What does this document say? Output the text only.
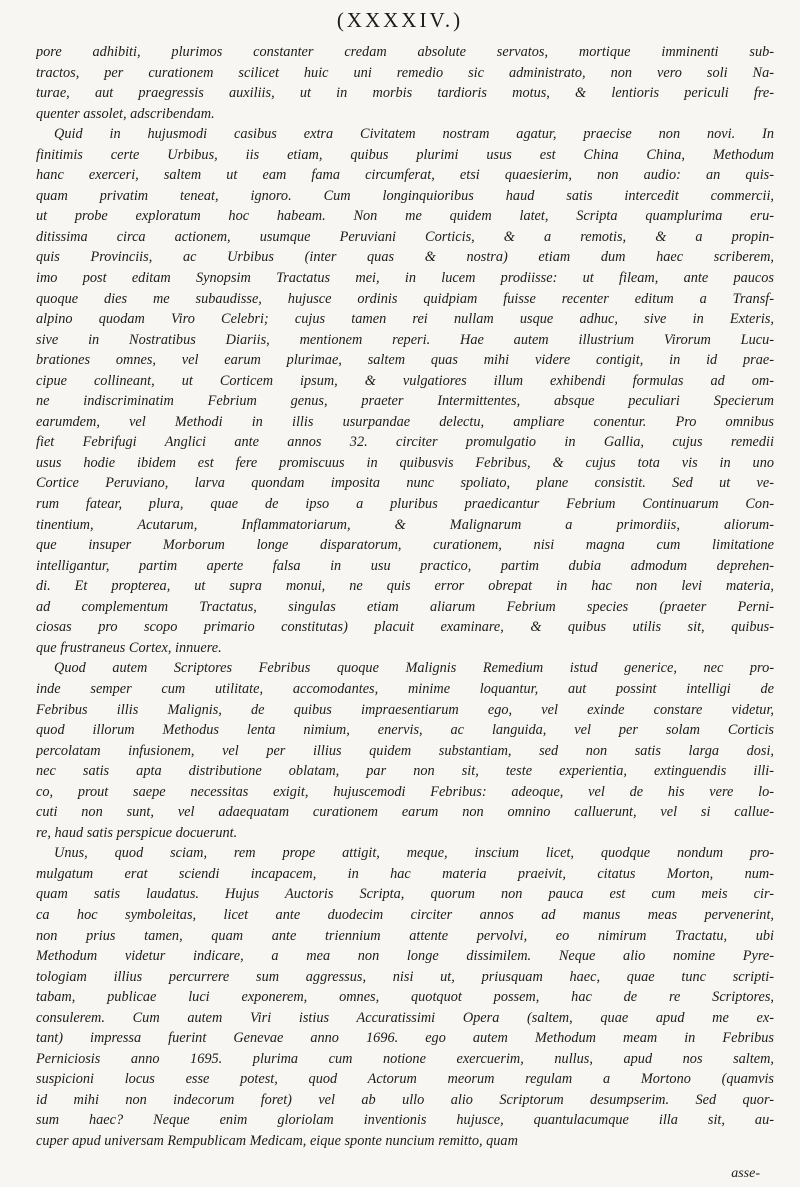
(XXXXIV.)
pore adhibiti, plurimos constanter credam absolute servatos, mortique imminenti sub-
tractos, per curationem scilicet huic uni remedio sic administrato, non vero soli Na-
turae, aut praegressis auxiliis, ut in morbis tardioris motus, & lentioris periculi fre-
quenter assolet, adscribendam.
Quid in hujusmodi casibus extra Civitatem nostram agatur, praecise non novi. In
finitimis certe Urbibus, iis etiam, quibus plurimi usus est China China, Methodum
hanc exerceri, saltem ut eam fama circumferat, etsi quaesierim, non audio: an quis-
quam privatim teneat, ignoro. Cum longinquioribus haud satis intercedit commercii,
ut probe exploratum hoc habeam. Non me quidem latet, Scripta quamplurima eru-
ditissima circa actionem, usumque Peruviani Corticis, & a remotis, & a propin-
quis Provinciis, ac Urbibus (inter quas & nostra) etiam dum haec scriberem,
imo post editam Synopsim Tractatus mei, in lucem prodiisse: ut fileam, ante paucos
quoque dies me subaudisse, hujusce ordinis quidpiam fuisse recenter editum a Transf-
alpino quodam Viro Celebri; cujus tamen rei nullam usque adhuc, sive in Exteris,
sive in Nostratibus Diariis, mentionem reperi. Hae autem illustrium Virorum Lucu-
brationes omnes, vel earum plurimae, saltem quas mihi videre contigit, in id prae-
cipue collineant, ut Corticem ipsum, & vulgatiores illum exhibendi formulas ad om-
ne indiscriminatim Febrium genus, praeter Intermittentes, absque peculiari Specierum
earumdem, vel Methodi in illis usurpandae delectu, ampliare conentur. Pro omnibus
fiet Febrifugi Anglici ante annos 32. circiter promulgatio in Gallia, cujus remedii
usus hodie ibidem est fere promiscuus in quibusvis Febribus, & cujus tota vis in uno
Cortice Peruviano, larva quondam imposita nunc spoliato, plane consistit. Sed ut ve-
rum fatear, plura, quae de ipso a pluribus praedicantur Febrium Continuarum Con-
tinentium, Acutarum, Inflammatoriarum, & Malignarum a primordiis, aliorum-
que insuper Morborum longe disparatorum, curationem, nisi magna cum limitatione
intelligantur, partim aperte falsa in usu practico, partim dubia admodum deprehen-
di. Et propterea, ut supra monui, ne quis error obrepat in hac non levi materia,
ad complementum Tractatus, singulas etiam aliarum Febrium species (praeter Perni-
ciosas pro scopo primario constitutas) placuit examinare, & quibus utilis sit, quibus-
que frustraneus Cortex, innuere.
Quod autem Scriptores Febribus quoque Malignis Remedium istud generice, nec pro-
inde semper cum utilitate, accomodantes, minime loquantur, aut possint intelligi de
Febribus illis Malignis, de quibus impraesentiarum ego, vel exinde constare videtur,
quod illorum Methodus lenta nimium, enervis, ac languida, vel per solam Corticis
percolatam infusionem, vel per illius quidem substantiam, sed non satis larga dosi,
nec satis apta distributione oblatam, par non sit, teste experientia, extinguendis illi-
co, prout saepe necessitas exigit, hujuscemodi Febribus: adeoque, vel de his vere lo-
cuti non sunt, vel adaequatam curationem earum non omnino calluerunt, vel si callue-
re, haud satis perspicue docuerunt.
Unus, quod sciam, rem prope attigit, meque, inscium licet, quodque nondum pro-
mulgatum erat sciendi incapacem, in hac materia praeivit, citatus Morton, num-
quam satis laudatus. Hujus Auctoris Scripta, quorum non pauca est cum meis cir-
ca hoc symboleitas, licet ante duodecim circiter annos ad manus meas pervenerint,
non prius tamen, quam ante triennium attente pervolvi, eo nimirum Tractatu, ubi
Methodum videtur indicare, a mea non longe dissimilem. Neque alio nomine Pyre-
tologiam illius percurrere sum aggressus, nisi ut, priusquam haec, quae tunc scripti-
tabam, publicae luci exponerem, omnes, quotquot possem, hac de re Scriptores,
consulerem. Cum autem Viri istius Accuratissimi Opera (saltem, quae apud me ex-
tant) impressa fuerint Genevae anno 1696. ego autem Methodum meam in Febribus
Perniciosis anno 1695. plurima cum notione exercuerim, nullus, apud nos saltem,
suspicioni locus esse potest, quod Actorum meorum regulam a Mortono (quamvis
id mihi non indecorum foret) vel ab ullo alio Scriptorum desumpserim. Sed quor-
sum haec? Neque enim gloriolam inventionis hujusce, quantulacumque illa sit, au-
cuper apud universam Rempublicam Medicam, eique sponte nuncium remitto, quam
asse-
